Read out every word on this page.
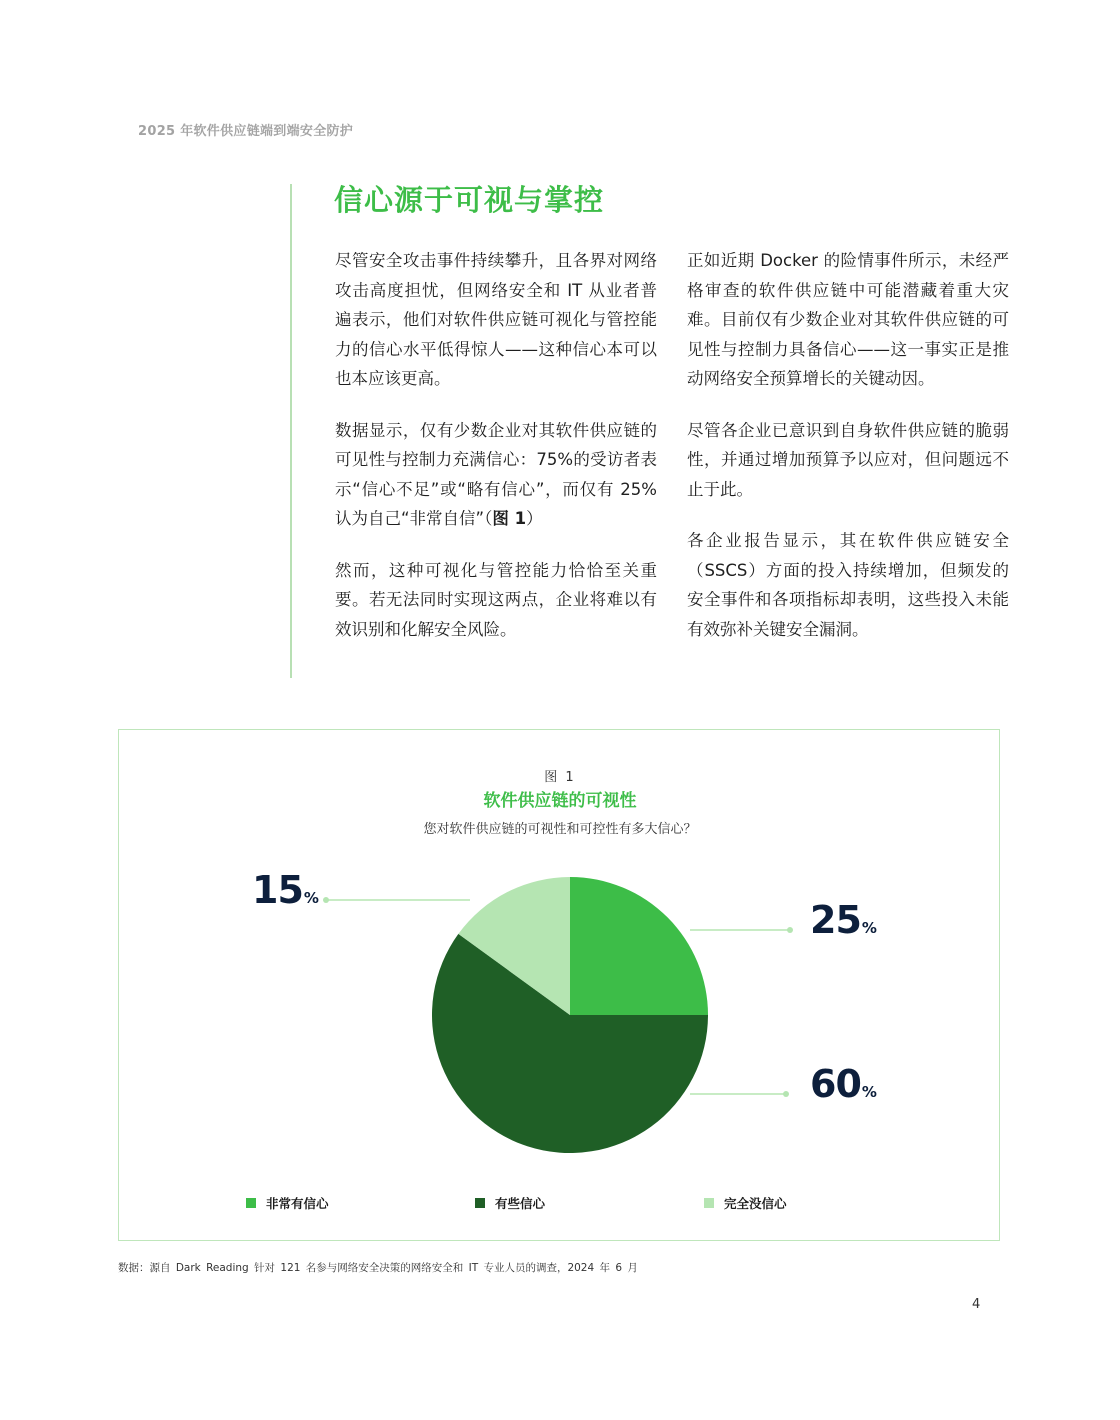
2025 年软件供应链端到端安全防护
信心源于可视与掌控

尽管安全攻击事件持续攀升，且各界对网络攻击高度担忧，但网络安全和 IT 从业者普遍表示，他们对软件供应链可视化与管控能力的信心水平低得惊人——这种信心本可以也本应该更高。

数据显示，仅有少数企业对其软件供应链的可见性与控制力充满信心：75%的受访者表示“信心不足”或“略有信心”，而仅有 25%认为自己“非常自信”（图 1）

然而，这种可视化与管控能力恰恰至关重要。若无法同时实现这两点，企业将难以有效识别和化解安全风险。

正如近期 Docker 的险情事件所示，未经严格审查的软件供应链中可能潜藏着重大灾难。目前仅有少数企业对其软件供应链的可见性与控制力具备信心——这一事实正是推动网络安全预算增长的关键动因。

尽管各企业已意识到自身软件供应链的脆弱性，并通过增加预算予以应对，但问题远不止于此。

各企业报告显示，其在软件供应链安全（SSCS）方面的投入持续增加，但频发的安全事件和各项指标却表明，这些投入未能有效弥补关键安全漏洞。

图 1
软件供应链的可视性
您对软件供应链的可视性和可控性有多大信心？
25%
60%
15%
非常有信心	有些信心	完全没信心
数据：源自 Dark Reading 针对 121 名参与网络安全决策的网络安全和 IT 专业人员的调查，2024 年 6 月
4
